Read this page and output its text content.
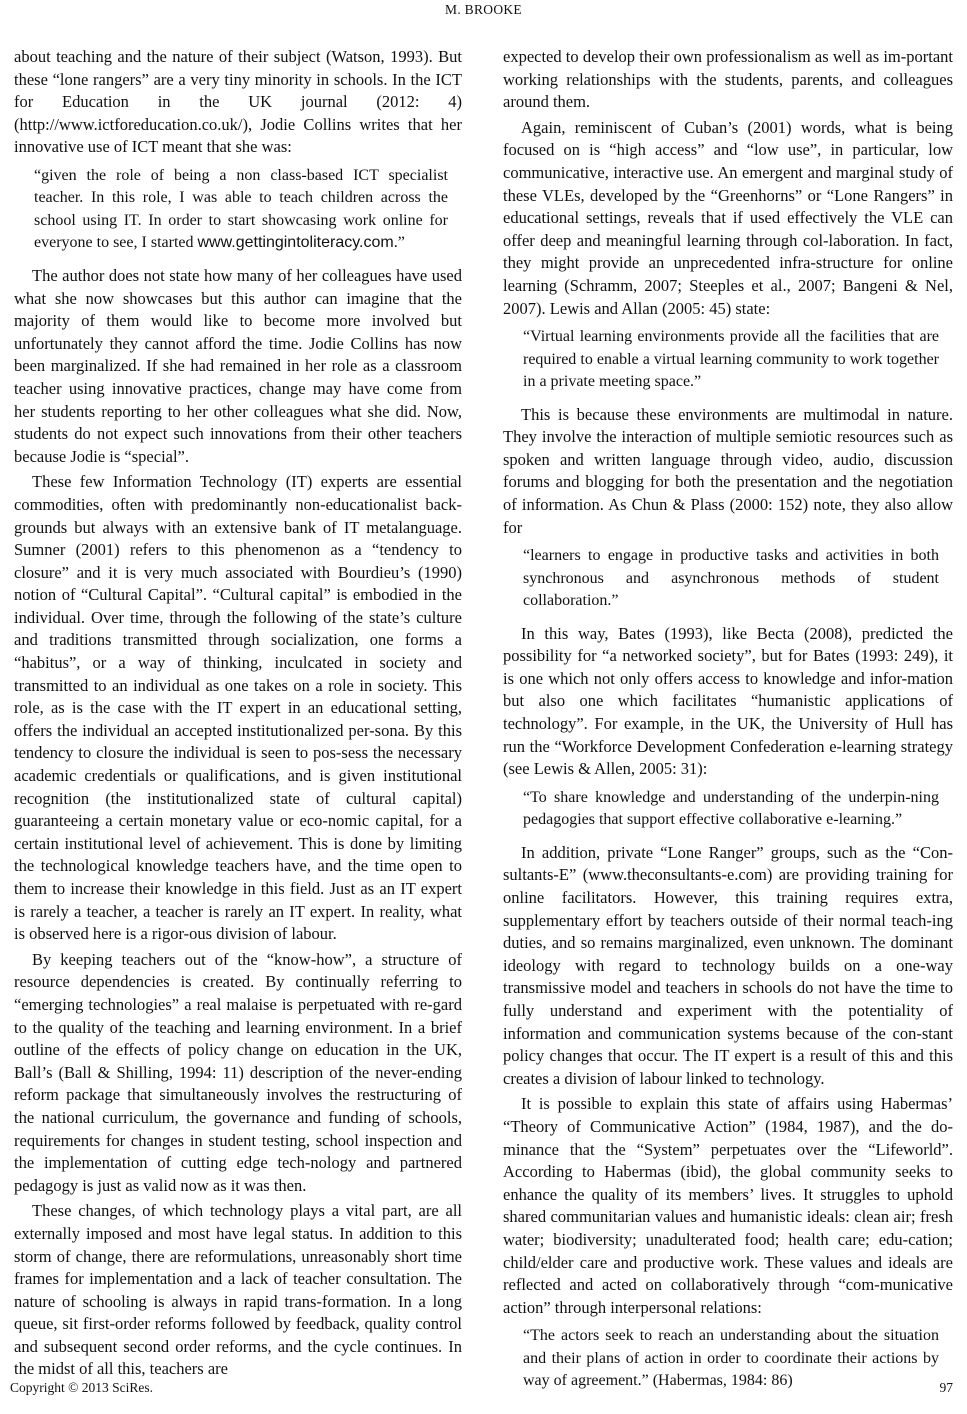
M. BROOKE

about teaching and the nature of their subject (Watson, 1993). But these “lone rangers” are a very tiny minority in schools. In the ICT for Education in the UK journal (2012: 4) (http://www.ictforeducation.co.uk/), Jodie Collins writes that her innovative use of ICT meant that she was:

“given the role of being a non class-based ICT specialist teacher. In this role, I was able to teach children across the school using IT. In order to start showcasing work online for everyone to see, I started www.gettingintoliteracy.com.”

The author does not state how many of her colleagues have used what she now showcases but this author can imagine that the majority of them would like to become more involved but unfortunately they cannot afford the time. Jodie Collins has now been marginalized. If she had remained in her role as a classroom teacher using innovative practices, change may have come from her students reporting to her other colleagues what she did. Now, students do not expect such innovations from their other teachers because Jodie is “special”.

These few Information Technology (IT) experts are essential commodities, often with predominantly non-educationalist back-grounds but always with an extensive bank of IT metalanguage. Sumner (2001) refers to this phenomenon as a “tendency to closure” and it is very much associated with Bourdieu’s (1990) notion of “Cultural Capital”. “Cultural capital” is embodied in the individual. Over time, through the following of the state’s culture and traditions transmitted through socialization, one forms a “habitus”, or a way of thinking, inculcated in society and transmitted to an individual as one takes on a role in society. This role, as is the case with the IT expert in an educational setting, offers the individual an accepted institutionalized per-sona. By this tendency to closure the individual is seen to pos-sess the necessary academic credentials or qualifications, and is given institutional recognition (the institutionalized state of cultural capital) guaranteeing a certain monetary value or eco-nomic capital, for a certain institutional level of achievement. This is done by limiting the technological knowledge teachers have, and the time open to them to increase their knowledge in this field. Just as an IT expert is rarely a teacher, a teacher is rarely an IT expert. In reality, what is observed here is a rigor-ous division of labour.

By keeping teachers out of the “know-how”, a structure of resource dependencies is created. By continually referring to “emerging technologies” a real malaise is perpetuated with re-gard to the quality of the teaching and learning environment. In a brief outline of the effects of policy change on education in the UK, Ball’s (Ball & Shilling, 1994: 11) description of the never-ending reform package that simultaneously involves the restructuring of the national curriculum, the governance and funding of schools, requirements for changes in student testing, school inspection and the implementation of cutting edge tech-nology and partnered pedagogy is just as valid now as it was then.

These changes, of which technology plays a vital part, are all externally imposed and most have legal status. In addition to this storm of change, there are reformulations, unreasonably short time frames for implementation and a lack of teacher consultation. The nature of schooling is always in rapid trans-formation. In a long queue, sit first-order reforms followed by feedback, quality control and subsequent second order reforms, and the cycle continues. In the midst of all this, teachers are

expected to develop their own professionalism as well as im-portant working relationships with the students, parents, and colleagues around them.

Again, reminiscent of Cuban’s (2001) words, what is being focused on is “high access” and “low use”, in particular, low communicative, interactive use. An emergent and marginal study of these VLEs, developed by the “Greenhorns” or “Lone Rangers” in educational settings, reveals that if used effectively the VLE can offer deep and meaningful learning through col-laboration. In fact, they might provide an unprecedented infra-structure for online learning (Schramm, 2007; Steeples et al., 2007; Bangeni & Nel, 2007). Lewis and Allan (2005: 45) state:

“Virtual learning environments provide all the facilities that are required to enable a virtual learning community to work together in a private meeting space.”

This is because these environments are multimodal in nature. They involve the interaction of multiple semiotic resources such as spoken and written language through video, audio, discussion forums and blogging for both the presentation and the negotiation of information. As Chun & Plass (2000: 152) note, they also allow for

“learners to engage in productive tasks and activities in both synchronous and asynchronous methods of student collaboration.”

In this way, Bates (1993), like Becta (2008), predicted the possibility for “a networked society”, but for Bates (1993: 249), it is one which not only offers access to knowledge and infor-mation but also one which facilitates “humanistic applications of technology”. For example, in the UK, the University of Hull has run the “Workforce Development Confederation e-learning strategy (see Lewis & Allen, 2005: 31):

“To share knowledge and understanding of the underpin-ning pedagogies that support effective collaborative e-learning.”

In addition, private “Lone Ranger” groups, such as the “Con-sultants-E” (www.theconsultants-e.com) are providing training for online facilitators. However, this training requires extra, supplementary effort by teachers outside of their normal teach-ing duties, and so remains marginalized, even unknown. The dominant ideology with regard to technology builds on a one-way transmissive model and teachers in schools do not have the time to fully understand and experiment with the potentiality of information and communication systems because of the con-stant policy changes that occur. The IT expert is a result of this and this creates a division of labour linked to technology.

It is possible to explain this state of affairs using Habermas’ “Theory of Communicative Action” (1984, 1987), and the do-minance that the “System” perpetuates over the “Lifeworld”. According to Habermas (ibid), the global community seeks to enhance the quality of its members’ lives. It struggles to uphold shared communitarian values and humanistic ideals: clean air; fresh water; biodiversity; unadulterated food; health care; edu-cation; child/elder care and productive work. These values and ideals are reflected and acted on collaboratively through “com-municative action” through interpersonal relations:

“The actors seek to reach an understanding about the situation and their plans of action in order to coordinate their actions by way of agreement.” (Habermas, 1984: 86)
Copyright © 2013 SciRes.	97
